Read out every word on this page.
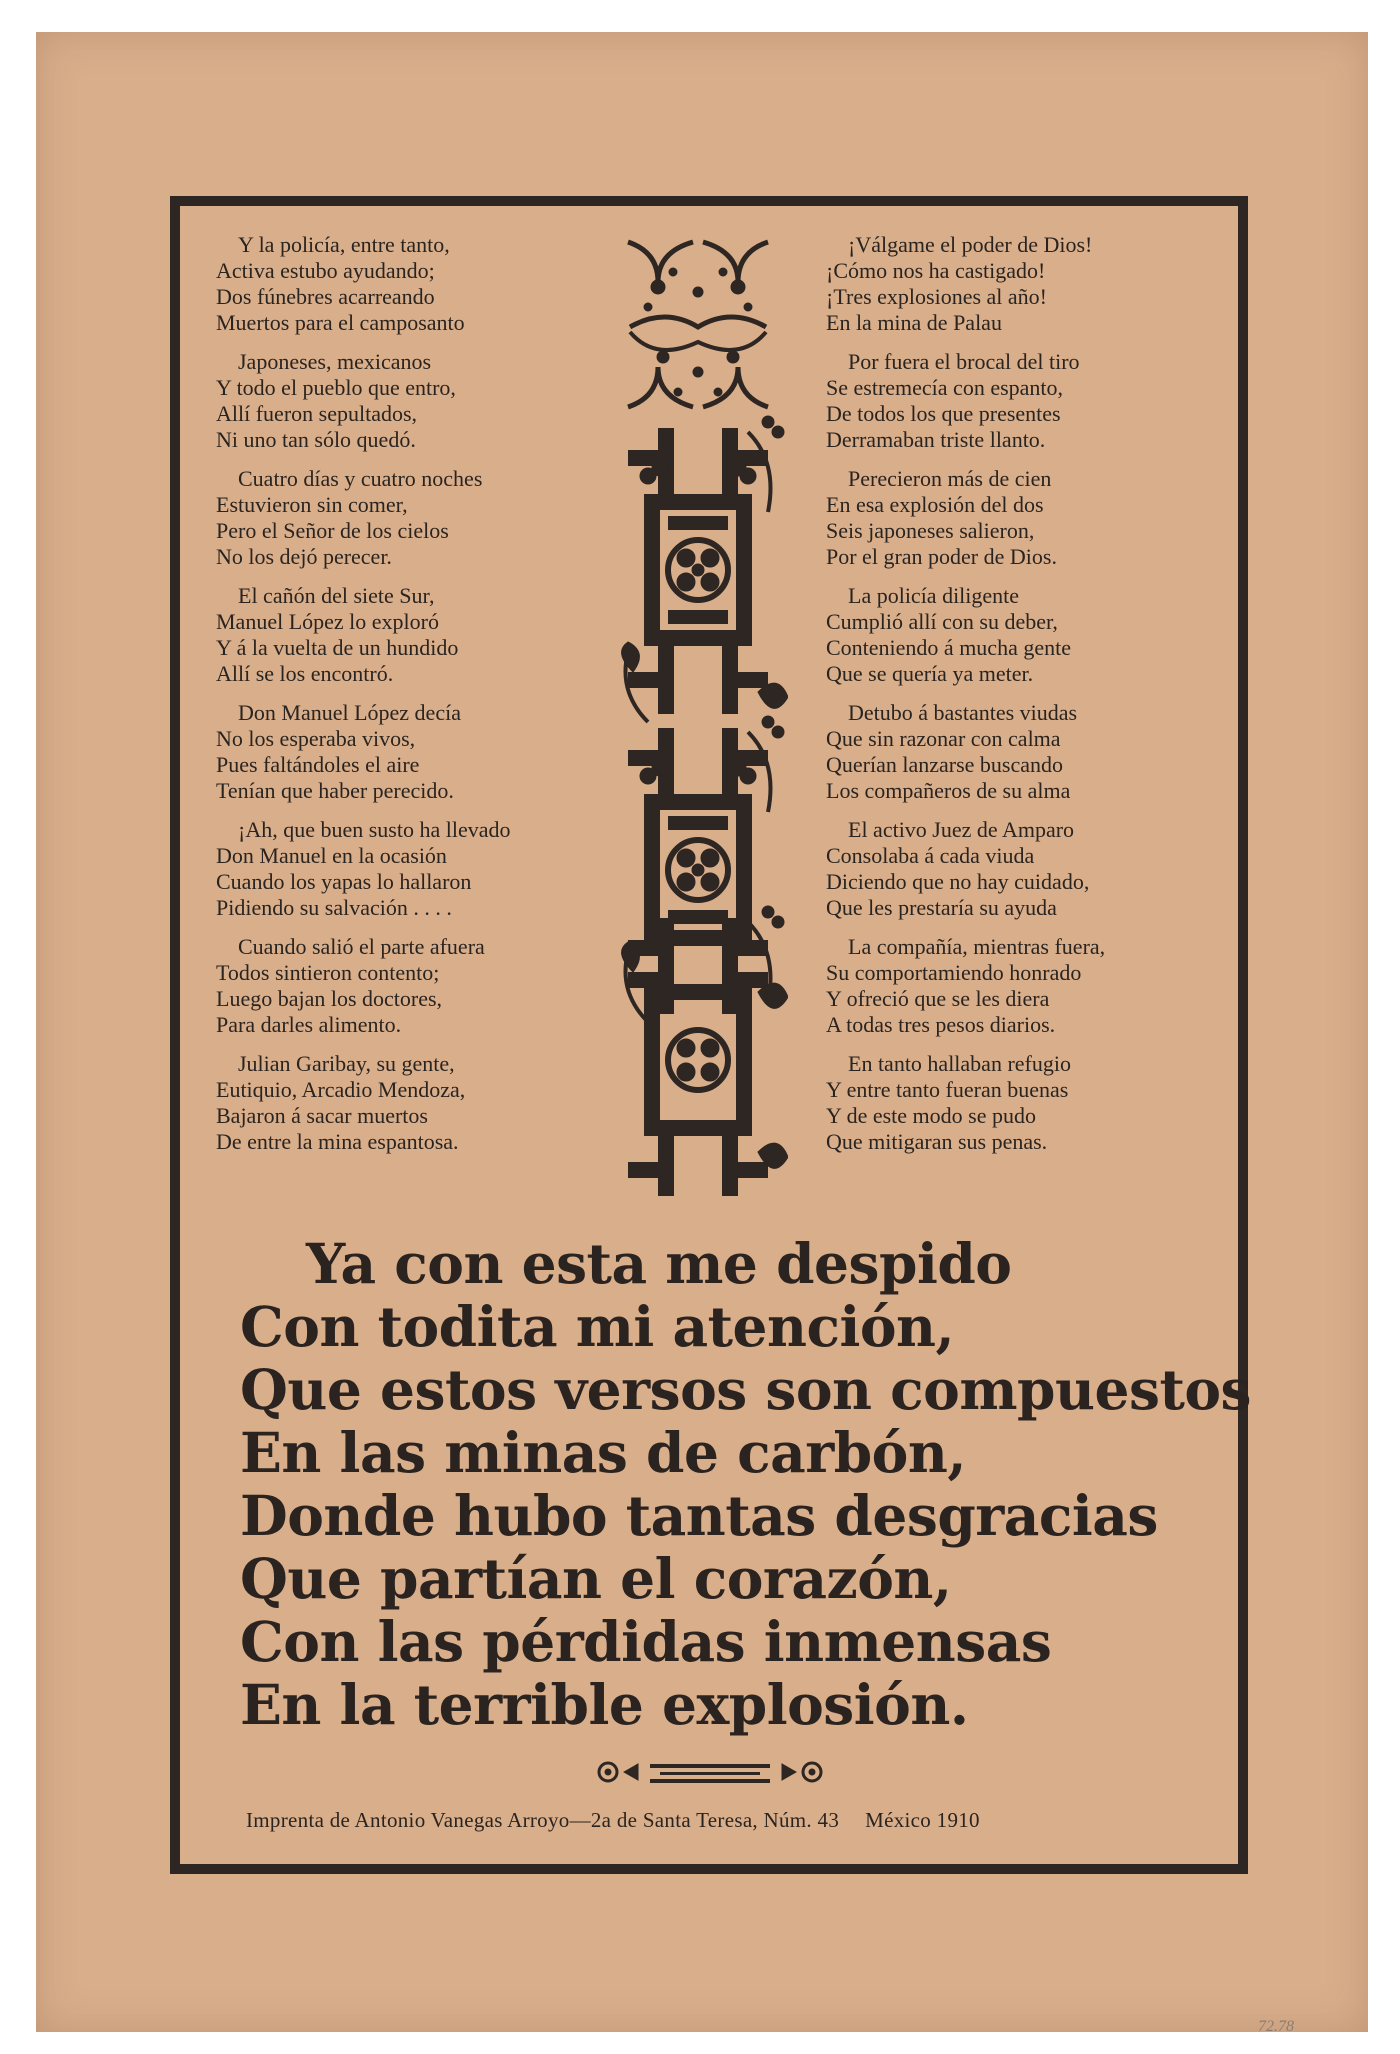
Y la policía, entre tanto,
Activa estubo ayudando;
Dos fúnebres acarreando
Muertos para el camposanto
Japoneses, mexicanos
Y todo el pueblo que entro,
Allí fueron sepultados,
Ni uno tan sólo quedó.
Cuatro días y cuatro noches
Estuvieron sin comer,
Pero el Señor de los cielos
No los dejó perecer.
El cañón del siete Sur,
Manuel López lo exploró
Y á la vuelta de un hundido
Allí se los encontró.
Don Manuel López decía
No los esperaba vivos,
Pues faltándoles el aire
Tenían que haber perecido.
¡Ah, que buen susto ha llevado
Don Manuel en la ocasión
Cuando los yapas lo hallaron
Pidiendo su salvación . . . .
Cuando salió el parte afuera
Todos sintieron contento;
Luego bajan los doctores,
Para darles alimento.
Julian Garibay, su gente,
Eutiquio, Arcadio Mendoza,
Bajaron á sacar muertos
De entre la mina espantosa.
¡Válgame el poder de Dios!
¡Cómo nos ha castigado!
¡Tres explosiones al año!
En la mina de Palau
Por fuera el brocal del tiro
Se estremecía con espanto,
De todos los que presentes
Derramaban triste llanto.
Perecieron más de cien
En esa explosión del dos
Seis japoneses salieron,
Por el gran poder de Dios.
La policía diligente
Cumplió allí con su deber,
Conteniendo á mucha gente
Que se quería ya meter.
Detubo á bastantes viudas
Que sin razonar con calma
Querían lanzarse buscando
Los compañeros de su alma
El activo Juez de Amparo
Consolaba á cada viuda
Diciendo que no hay cuidado,
Que les prestaría su ayuda
La compañía, mientras fuera,
Su comportamiendo honrado
Y ofreció que se les diera
A todas tres pesos diarios.
En tanto hallaban refugio
Y entre tanto fueran buenas
Y de este modo se pudo
Que mitigaran sus penas.
Ya con esta me despido
Con todita mi atención,
Que estos versos son compuestos
En las minas de carbón,
Donde hubo tantas desgracias
Que partían el corazón,
Con las pérdidas inmensas
En la terrible explosión.
Imprenta de Antonio Vanegas Arroyo—2a de Santa Teresa, Núm. 43 México 1910
72.78
